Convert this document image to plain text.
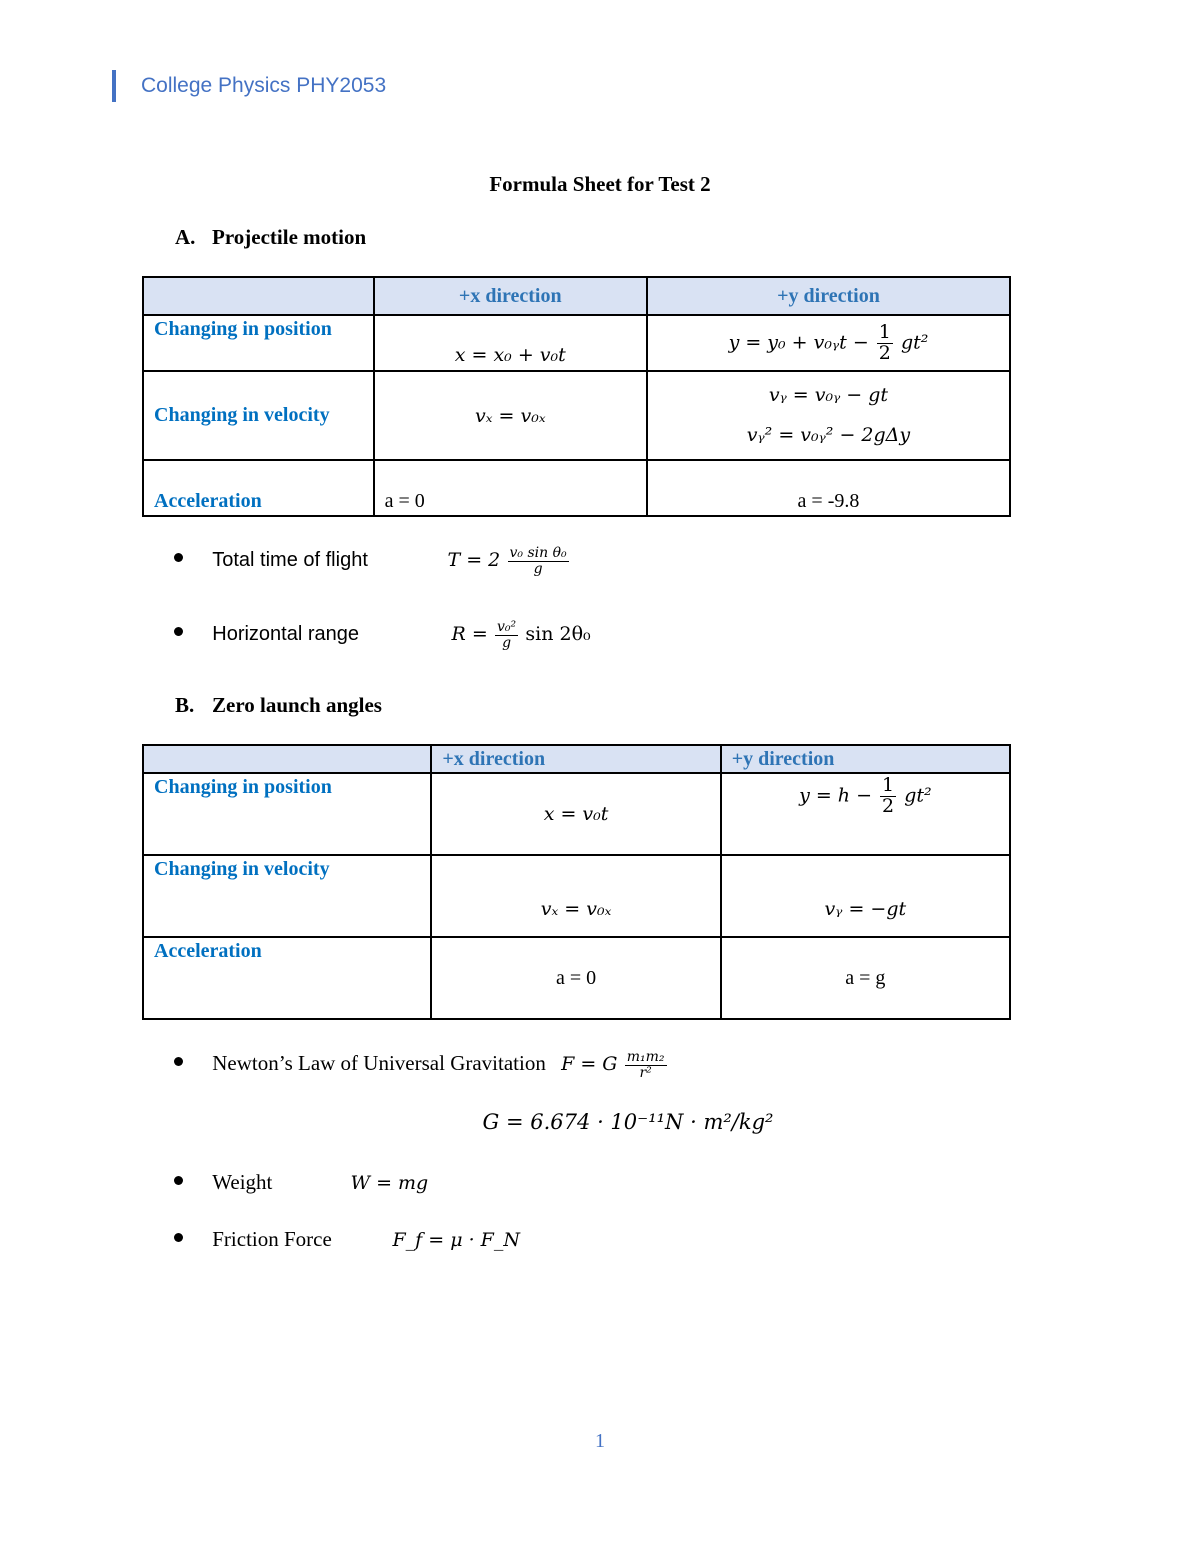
College Physics PHY2053
Formula Sheet for Test 2
A. Projectile motion
	+x direction	+y direction
Changing in position	x = x₀ + v₀t	y = y₀ + v₀ᵧt − $\frac{1}{2} gt^2$
Changing in velocity	vₓ = v₀ₓ	vᵧ = v₀ᵧ − gt
vᵧ² = v₀ᵧ² − 2gΔy

Acceleration	a = 0	a = -9.8
Total time of flight	$T = 2 \frac{\text{v₀ sin θ₀}}{g}$
Horizontal range	$R = \frac{\text{v₀²}}{g}$ sin 2θ₀
B. Zero launch angles
	+x direction	+y direction
Changing in position	x = v₀t	$y = h - \frac{1}{2} gt^2$
Changing in velocity	vₓ = v₀ₓ	vᵧ = −gt
Acceleration	a = 0	a = g
Newton’s Law of Universal Gravitation F = G $\frac{\text{m₁m₂}}{\text{r²}}$
G = 6.674 · 10⁻¹¹N · m²/kg²
Weight	W = mg
Friction Force	F_f = μ · F_N
1
